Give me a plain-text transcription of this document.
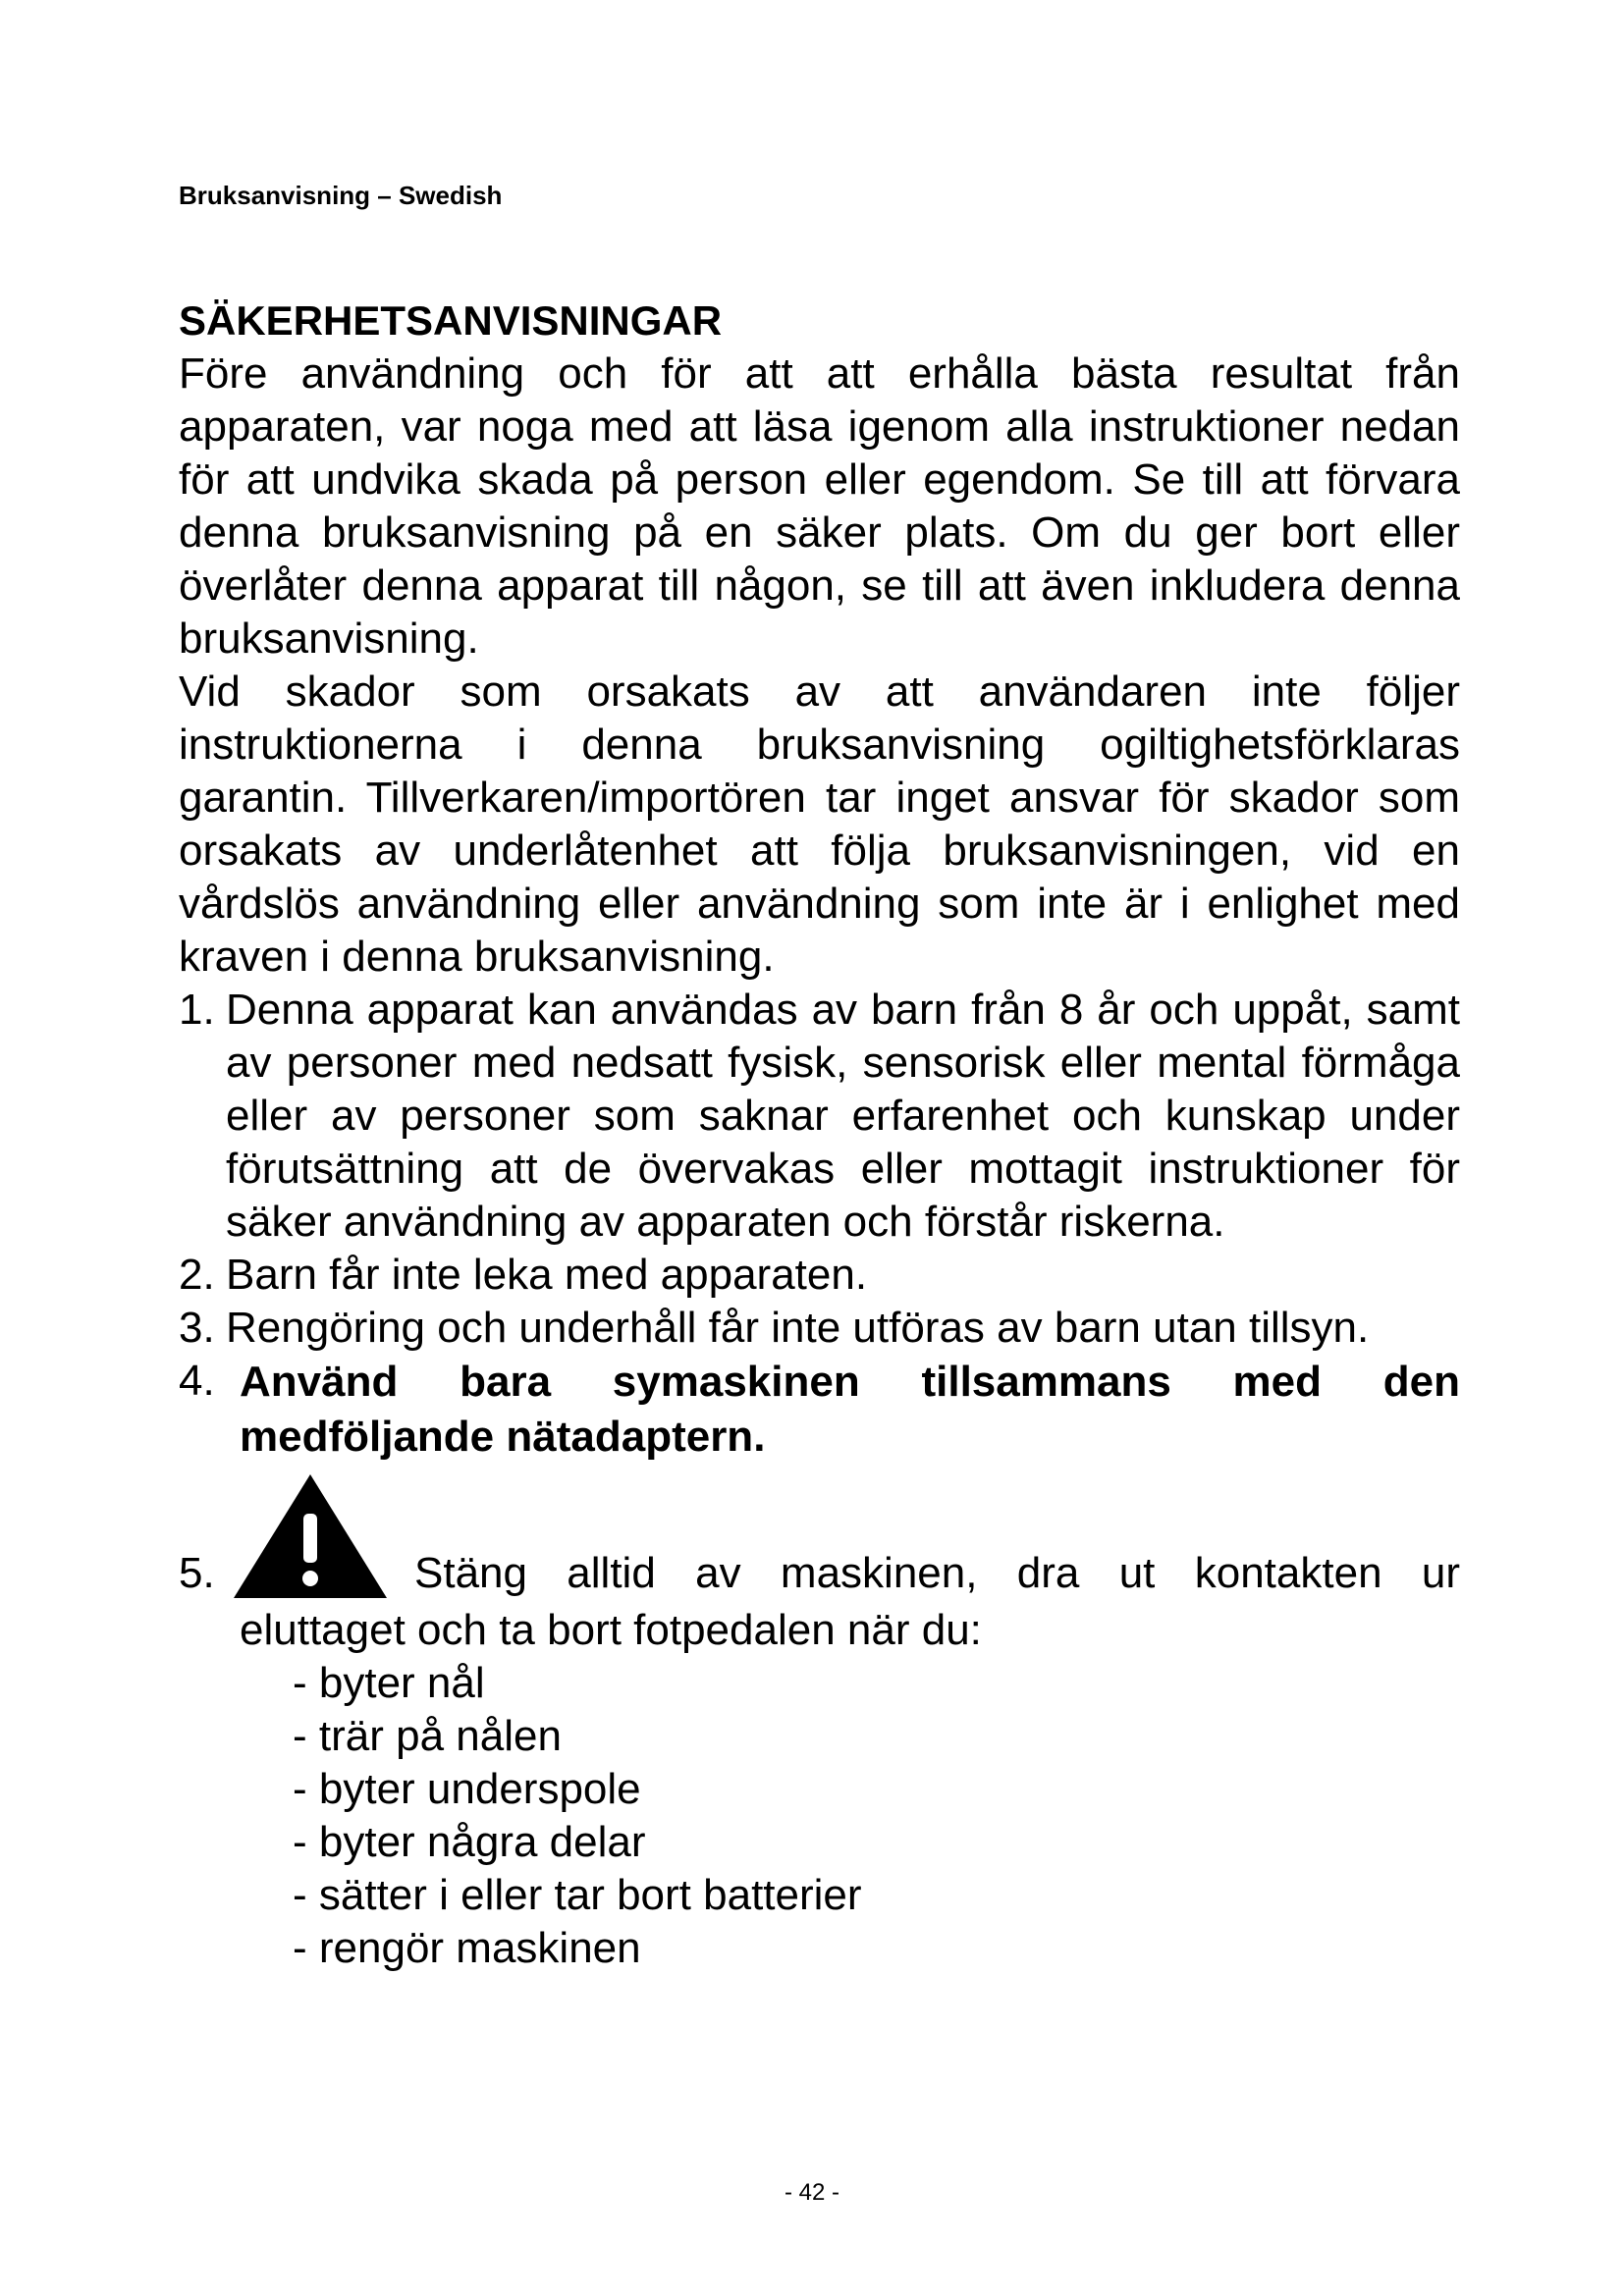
Bruksanvisning – Swedish
SÄKERHETSANVISNINGAR

Före användning och för att att erhålla bästa resultat från apparaten, var noga med att läsa igenom alla instruktioner nedan för att undvika skada på person eller egendom. Se till att förvara denna bruksanvisning på en säker plats. Om du ger bort eller överlåter denna apparat till någon, se till att även inkludera denna bruksanvisning.

Vid skador som orsakats av att användaren inte följer instruktionerna i denna bruksanvisning ogiltighetsförklaras garantin. Tillverkaren/importören tar inget ansvar för skador som orsakats av underlåtenhet att följa bruksanvisningen, vid en vårdslös användning eller användning som inte är i enlighet med kraven i denna bruksanvisning.

1. Denna apparat kan användas av barn från 8 år och uppåt, samt av personer med nedsatt fysisk, sensorisk eller mental förmåga eller av personer som saknar erfarenhet och kunskap under förutsättning att de övervakas eller mottagit instruktioner för säker användning av apparaten och förstår riskerna.
2. Barn får inte leka med apparaten.
3. Rengöring och underhåll får inte utföras av barn utan tillsyn.
4. Använd bara symaskinen tillsammans med den medföljande nätadaptern.
5.	Stäng alltid av maskinen, dra ut kontakten ur
eluttaget och ta bort fotpedalen när du:
- byter nål
- trär på nålen
- byter underspole
- byter några delar
- sätter i eller tar bort batterier
- rengör maskinen
- 42 -
